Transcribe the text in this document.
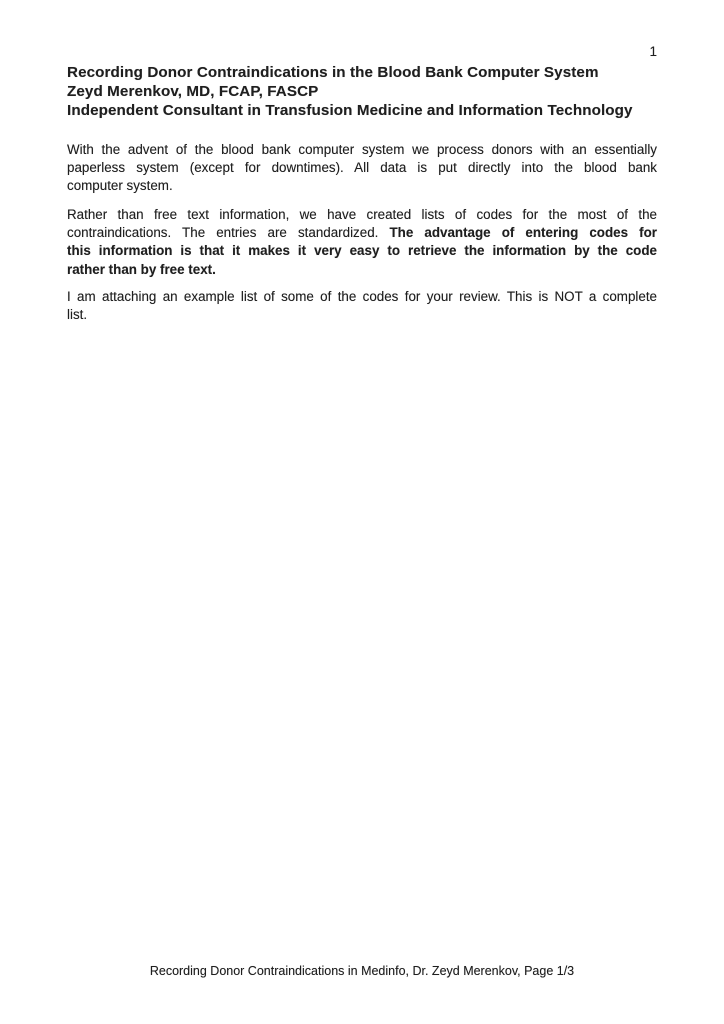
1
Recording Donor Contraindications in the Blood Bank Computer System
Zeyd Merenkov, MD, FCAP, FASCP
Independent Consultant in Transfusion Medicine and Information Technology
With the advent of the blood bank computer system we process donors with an essentially
paperless system (except for downtimes). All data is put directly into the blood bank
computer system.
Rather than free text information, we have created lists of codes for the most of the
contraindications. The entries are standardized. The advantage of entering codes for
this information is that it makes it very easy to retrieve the information by the code
rather than by free text.
I am attaching an example list of some of the codes for your review. This is NOT a complete
list.
Recording Donor Contraindications in Medinfo, Dr. Zeyd Merenkov, Page 1/3
